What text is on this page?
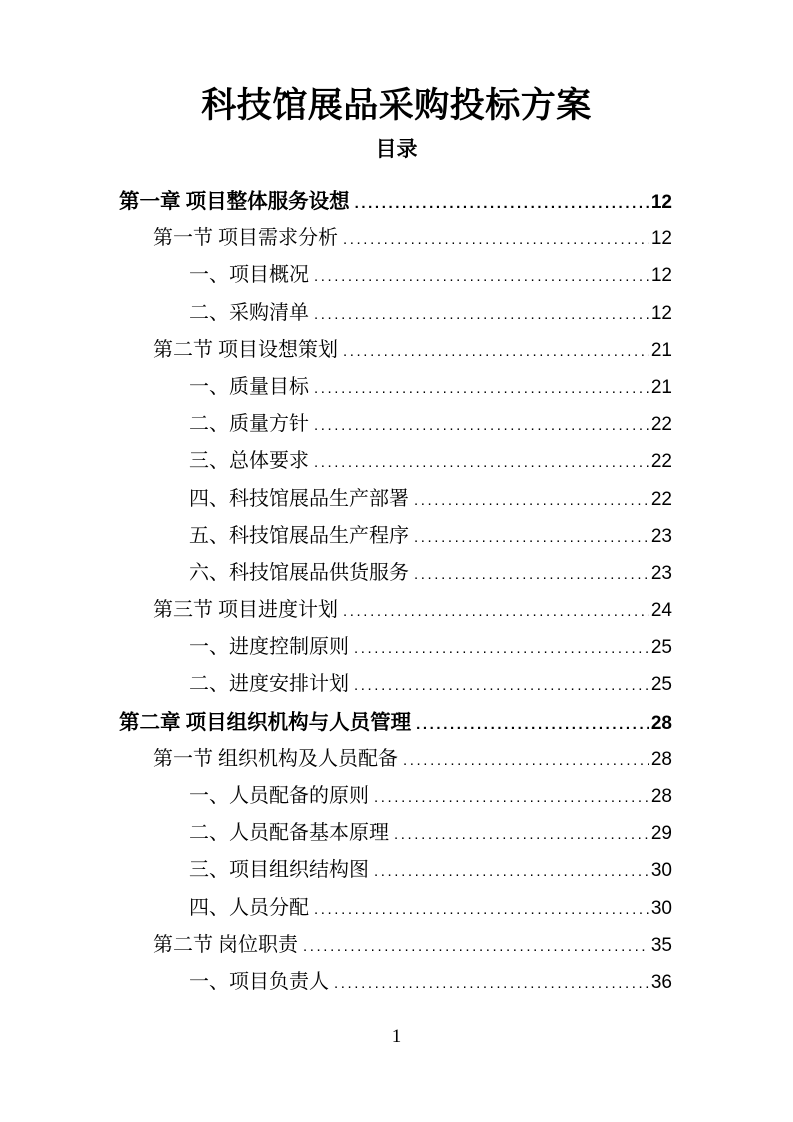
科技馆展品采购投标方案
目录
第一章 项目整体服务设想 .....	12
第一节 项目需求分析 .....	12
一、项目概况 .....	12
二、采购清单 .....	12
第二节 项目设想策划 .....	21
一、质量目标 .....	21
二、质量方针 .....	22
三、总体要求 .....	22
四、科技馆展品生产部署 .....	22
五、科技馆展品生产程序 .....	23
六、科技馆展品供货服务 .....	23
第三节 项目进度计划 .....	24
一、进度控制原则 .....	25
二、进度安排计划 .....	25
第二章 项目组织机构与人员管理 .....	28
第一节 组织机构及人员配备 .....	28
一、人员配备的原则 .....	28
二、人员配备基本原理 .....	29
三、项目组织结构图 .....	30
四、人员分配 .....	30
第二节 岗位职责 .....	35
一、项目负责人 .....	36
1
